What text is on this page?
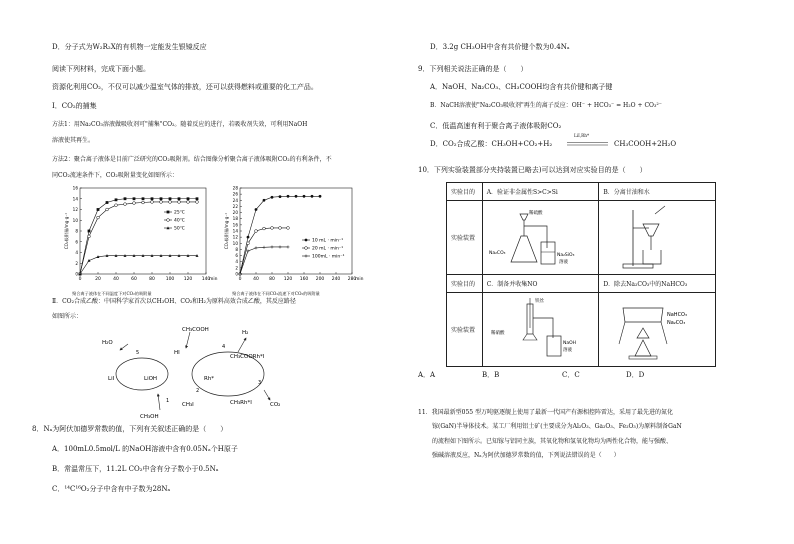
D．分子式为W₂R₂X的有机物一定能发生银镜反应
阅读下列材料，完成下面小题。
资源化利用CO₂，不仅可以减少温室气体的排放，还可以获得燃料或重要的化工产品。
Ⅰ．CO₂的捕集
方法1：用Na₂CO₃溶液做吸收剂可"捕集"CO₂。随着反应的进行，若吸收剂失效，可利用NaOH
溶液使其再生。
方法2：聚合离子液体是目前广泛研究的CO₂吸附剂。结合图像分析聚合离子液体吸附CO₂的有利条件，不
同CO₂流速条件下，CO₂吸附量变化如图所示：
0	20	40	60	80 100 120 140
0
2
4
6
8
10
12
14
16
min
CO₂吸附量/mg·g⁻¹	25℃
40℃
50℃
聚合离子液体在不同温度下对CO₂的吸附量
0	40 80 120 160 200 240 280
0
2
4
6
8
10
12
14
16
18
20
22
24
26
28
min
CO₂吸附量/mg·g⁻¹	10 mL · min⁻¹
20 mL · min⁻¹
100mL · min⁻¹
聚合离子液体在不同CO₂流速下对CO₂的吸附量
Ⅱ．CO₂合成乙酸：中国科学家首次以CH₃OH、CO₂和H₂为原料高效合成乙酸，其反应路径
如图所示：
H₂O
HI
CH₃COOH	H₂
LiI	LiOH
CH₃COORh*I
Rh*
CO₂
CH₃OH
CH₃I	CH₃Rh*I
1
2
3
4
5
8．Nₐ为阿伏加德罗常数的值，下列有关叙述正确的是（　　）
A．100mL0.5mol/L 的NaOH溶液中含有0.05Nₐ个H原子
B．常温常压下，11.2L CO₂中含有分子数小于0.5Nₐ
C．¹⁴C¹⁶O₂分子中含有中子数为28Nₐ
D．3.2g CH₃OH中含有共价键个数为0.4Nₐ
9．下列相关说法正确的是（　　）
A．NaOH、Na₂CO₃、CH₃COOH均含有共价键和离子键
B．NaCH溶液使"Na₂CO₃吸收剂"再生的离子反应：OH⁻ + HCO₃⁻ = H₂O + CO₃²⁻
C．低温高速有利于聚合离子液体吸附CO₂
D．CO₂合成乙酸：CH₃OH+CO₂+H₂
LiI,Rh*
CH₃COOH+2H₂O
10．下列实验装置部分夹持装置已略去)可以达到对应实验目的是（　　）
实验目的	A．验证非金属性S>C>Si	B．分离甘油和水
实验装置	稀硫酸
Na₂CO₃ Na₂SiO₃
溶液

实验目的	C．制备并收集NO	D．除去Na₂CO₃中的NaHCO₃
实验装置	铁丝
稀硝酸
NaOH
溶液	NaHCO₃
Na₂CO₃
A．A	B．B	C．C	D．D
11．我国最新型055 型万吨驱逐舰上使用了最新一代国产有源相控阵雷达，采用了最先进的氮化
镓(GaN)半导体技术。某工厂利用铝土矿(主要成分为Al₂O₃、Ga₂O₃、Fe₂O₃)为原料制备GaN
的流程如下图所示。已知镓与铝同主族，其氧化物和氢氧化物均为两性化合物，能与强酸、
强碱溶液反应，Nₐ为阿伏加德罗常数的值，下列说法错误的是（　　）
